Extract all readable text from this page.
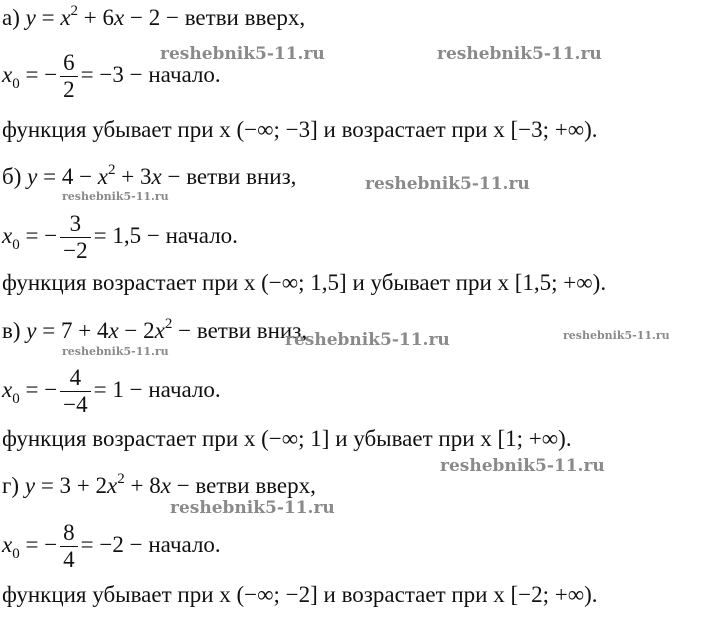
а) $y = x^2 + 6x - 2$ − ветви вверх,
$x_0$ = − $\frac{6}{2} = -3$ − начало.
функция убывает при x (−∞; −3] и возрастает при x [−3; +∞).
б) $y = 4 - x^2 + 3x$ − ветви вниз,
$x_0$ = − $\frac{3}{-2} = 1,5$ − начало.
функция возрастает при x (−∞; 1,5] и убывает при x [1,5; +∞).
в) $y = 7 + 4x - 2x^2$ − ветви вниз,
$x_0$ = − $\frac{4}{-4} = 1$ − начало.
функция возрастает при x (−∞; 1] и убывает при x [1; +∞).
г) $y = 3 + 2x^2 + 8x$ − ветви вверх,
$x_0$ = − $\frac{8}{4} = -2$ − начало.
функция убывает при x (−∞; −2] и возрастает при x [−2; +∞).
reshebnik5-11.ru	reshebnik5-11.ru
reshebnik5-11.ru
reshebnik5-11.ru
reshebnik5-11.ru	reshebnik5-11.ru
reshebnik5-11.ru
reshebnik5-11.ru
reshebnik5-11.ru
